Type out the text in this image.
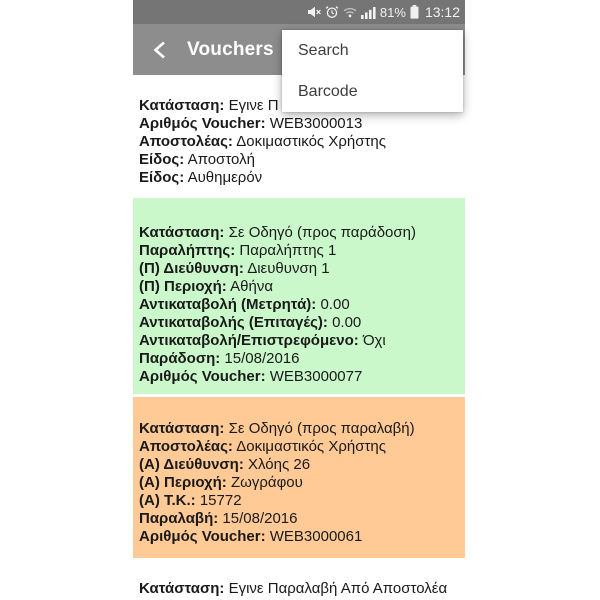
81% 13:12
Vouchers
Κατάσταση: Εγινε Π
Αριθμός Voucher: WEB3000013
Αποστολέας: Δοκιμαστικός Χρήστης
Είδος: Αποστολή
Είδος: Αυθημερόν
Κατάσταση: Σε Οδηγό (προς παράδοση)
Παραλήπτης: Παραλήπτης 1
(Π) Διεύθυνση: Διευθυνση 1
(Π) Περιοχή: Αθήνα
Αντικαταβολή (Μετρητά): 0.00
Αντικαταβολής (Επιταγές): 0.00
Αντικαταβολή/Επιστρεφόμενο: Όχι
Παράδοση: 15/08/2016
Αριθμός Voucher: WEB3000077
Κατάσταση: Σε Οδηγό (προς παραλαβή)
Αποστολέας: Δοκιμαστικός Χρήστης
(Α) Διεύθυνση: Χλόης 26
(Α) Περιοχή: Ζωγράφου
(Α) Τ.Κ.: 15772
Παραλαβή: 15/08/2016
Αριθμός Voucher: WEB3000061
Κατάσταση: Εγινε Παραλαβή Από Αποστολέα
Search
Barcode
